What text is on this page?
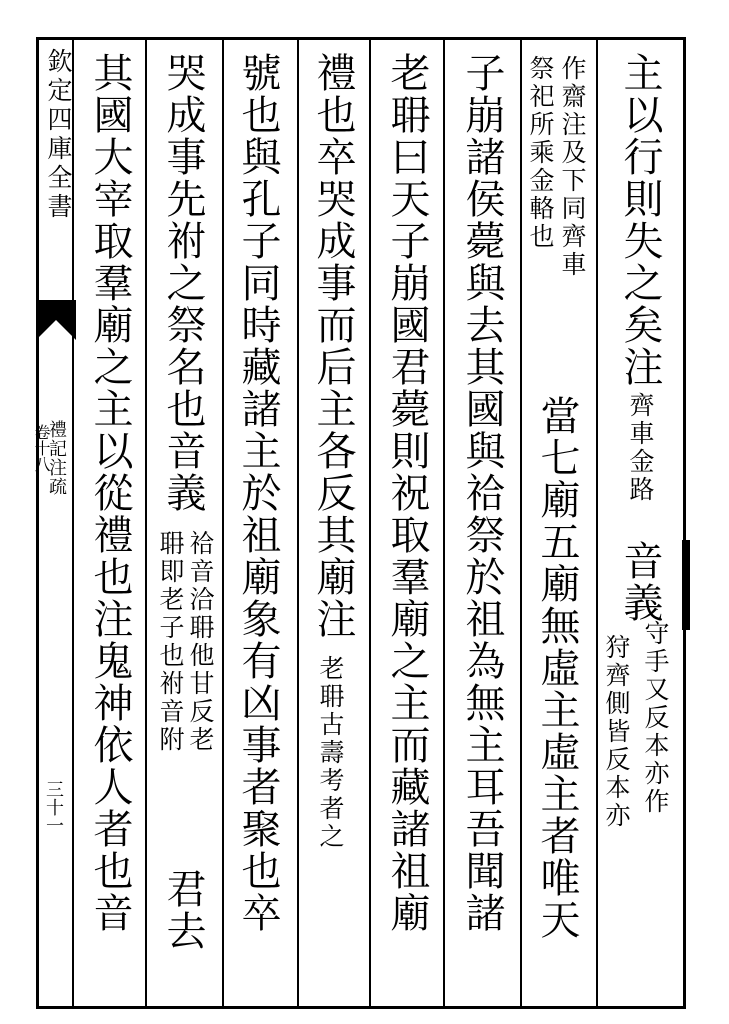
欽定四庫全書
禮記注疏
卷十八
三十一
主以行則失之矣注
齊車金路
音義
守手又反本亦作
狩齊側皆反本亦
作齋注及下同齊車
祭祀所乘金輅也
當七廟五廟無虛主虛主者唯天
子崩諸侯薨與去其國與祫祭於祖為無主耳吾聞諸
老耼曰天子崩國君薨則祝取羣廟之主而藏諸祖廟
禮也卒哭成事而后主各反其廟注
老耼古壽考者之
號也與孔子同時藏諸主於祖廟象有凶事者聚也卒
哭成事先祔之祭名也音義
祫音洽耼他甘反老
耼即老子也祔音附
君去
其國大宰取羣廟之主以從禮也注鬼神依人者也音
